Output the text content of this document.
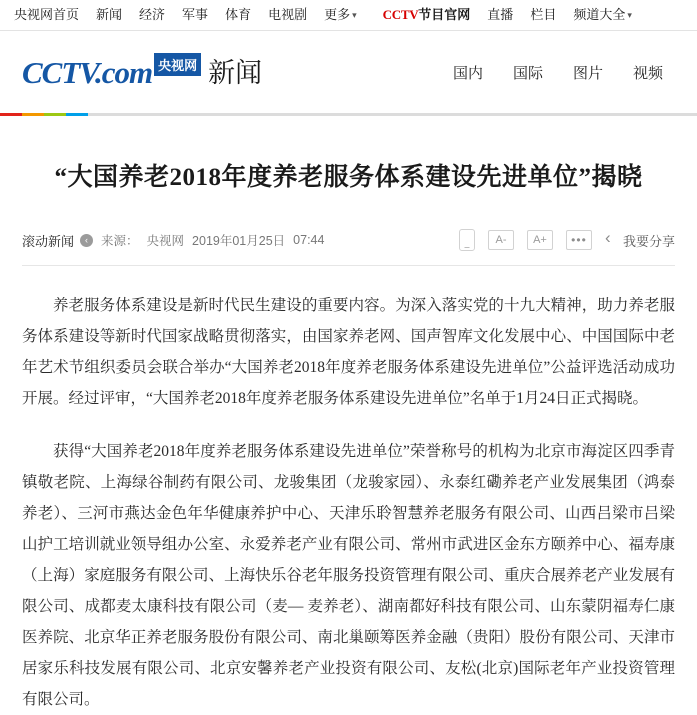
央视网首页 新闻 经济 军事 体育 电视剧 更多 ▾ CCTV节目官网 直播 栏目 频道大全 ▾
CCTV.com 央视网 新闻	国内 国际 图片 视频
“大国养老2018年度养老服务体系建设先进单位”揭晓
滚动新闻	‹	来源： 央视网 2019年01月25日 07:44	A-	A+	••• ‹	我要分享

养老服务体系建设是新时代民生建设的重要内容。为深入落实党的十九大精神，助力养老服务体系建设等新时代国家战略贯彻落实，由国家养老网、国声智库文化发展中心、中国国际中老年艺术节组织委员会联合举办“大国养老2018年度养老服务体系建设先进单位”公益评选活动成功开展。经过评审，“大国养老2018年度养老服务体系建设先进单位”名单于1月24日正式揭晓。

获得“大国养老2018年度养老服务体系建设先进单位”荣誉称号的机构为北京市海淀区四季青镇敬老院、上海绿谷制药有限公司、龙骏集团（龙骏家园）、永泰红磡养老产业发展集团（鸿泰养老）、三河市燕达金色年华健康养护中心、天津乐聆智慧养老服务有限公司、山西吕梁市吕梁山护工培训就业领导组办公室、永爱养老产业有限公司、常州市武进区金东方颐养中心、福寿康（上海）家庭服务有限公司、上海快乐谷老年服务投资管理有限公司、重庆合展养老产业发展有限公司、成都麦太康科技有限公司（麦— 麦养老）、湖南都好科技有限公司、山东蒙阴福寿仁康医养院、北京华正养老服务股份有限公司、南北巢颐筹医养金融（贵阳）股份有限公司、天津市居家乐科技发展有限公司、北京安馨养老产业投资有限公司、友松(北京)国际老年产业投资管理有限公司。
